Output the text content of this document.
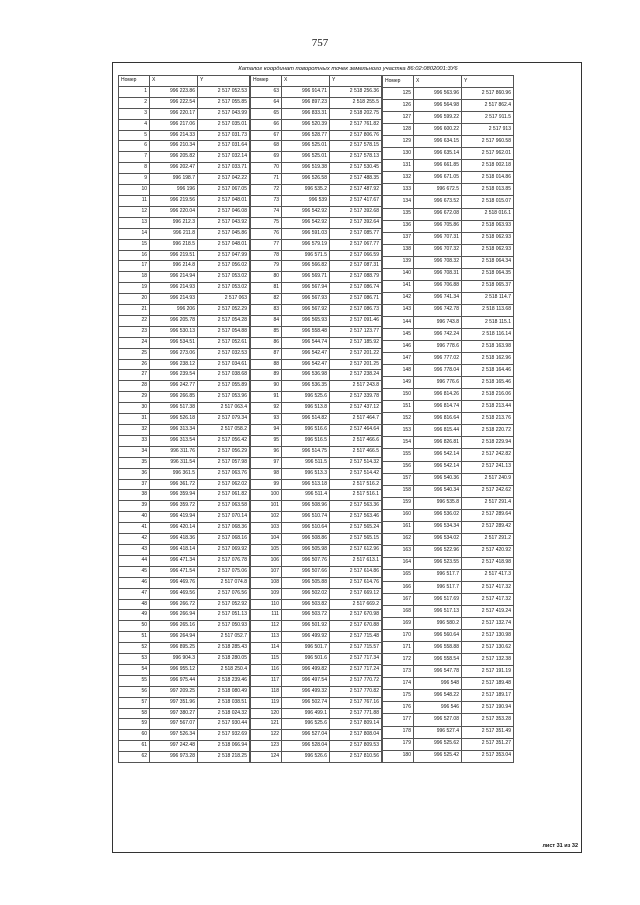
757
Каталог координат поворотных точек земельного участка 86:02:0802001:3У6
Номер	X	Y
1	996 223.86	2 517 052.53
2	996 222.54	2 517 055.85
3	996 220.17	2 517 043.99
4	996 217.06	2 517 035.01
5	996 214.33	2 517 031.73
6	996 210.34	2 517 031.64
7	996 205.82	2 517 032.14
8	996 202.47	2 517 033.71
9	996 198.7	2 517 042.22
10	996 196	2 517 067.05
11	996 219.56	2 517 048.01
12	996 220.04	2 517 046.08
13	996 212.3	2 517 043.92
14	996 211.8	2 517 045.86
15	996 218.5	2 517 048.01
16	996 219.51	2 517 047.99
17	996 214.8	2 517 056.02
18	996 214.94	2 517 053.02
19	996 214.93	2 517 053.02
20	996 214.93	2 517 063
21	996 206	2 517 052.29
22	996 205.78	2 517 054.28
23	996 530.13	2 517 054.88
24	996 534.51	2 517 052.61
25	996 273.06	2 517 032.53
26	996 238.12	2 517 034.61
27	996 239.54	2 517 038.68
28	996 242.77	2 517 055.89
29	996 266.85	2 517 053.96
30	996 517.38	2 517 063.4
31	996 526.18	2 517 079.34
32	996 313.34	2 517 058.2
33	996 313.54	2 517 056.42
34	996 311.76	2 517 056.29
35	996 311.54	2 517 057.98
36	996 361.5	2 517 063.76
37	996 361.72	2 517 062.02
38	996 359.94	2 517 061.82
39	996 359.72	2 517 063.58
40	996 419.94	2 517 070.14
41	996 420.14	2 517 068.36
42	996 418.36	2 517 068.16
43	996 418.14	2 517 069.92
44	996 471.34	2 517 076.78
45	996 471.54	2 517 075.06
46	996 469.76	2 517 074.8
47	996 469.56	2 517 076.56
48	996 266.72	2 517 052.92
49	996 266.94	2 517 051.13
50	996 265.16	2 517 050.93
51	996 264.94	2 517 052.7
52	996 895.25	2 518 285.43
53	996 904.3	2 518 280.05
54	996 955.12	2 518 250.4
55	996 975.44	2 518 239.46
56	997 209.25	2 518 080.49
57	997 351.96	2 518 038.51
58	997 380.27	2 518 024.32
59	997 567.07	2 517 930.44
60	997 526.34	2 517 932.69
61	997 242.48	2 518 066.94
62	996 973.28	2 518 218.25
Номер	X	Y
63	996 914.71	2 518 256.36
64	996 897.23	2 518 255.5
65	996 833.31	2 518 202.75
66	996 520.39	2 517 761.82
67	996 528.77	2 517 806.76
68	996 525.01	2 517 578.15
69	996 525.01	2 517 578.13
70	996 519.38	2 517 530.45
71	996 526.58	2 517 488.35
72	996 535.2	2 517 487.92
73	996 539	2 517 417.67
74	996 542.92	2 517 392.68
75	996 542.92	2 517 392.64
76	996 591.03	2 517 085.77
77	996 579.19	2 517 067.77
78	996 571.5	2 517 066.59
79	996 566.82	2 517 087.31
80	996 569.71	2 517 088.79
81	996 567.94	2 517 086.74
82	996 567.93	2 517 086.71
83	996 567.92	2 517 086.73
84	996 565.93	2 517 091.46
85	996 558.48	2 517 123.77
86	996 544.74	2 517 185.92
87	996 542.47	2 517 201.22
88	996 542.47	2 517 201.25
89	996 536.98	2 517 238.24
90	996 536.35	2 517 243.8
91	996 525.6	2 517 339.78
92	996 513.8	2 517 437.12
93	996 514.82	2 517 464.7
94	996 516.6	2 517 464.64
95	996 516.5	2 517 466.6
96	996 514.75	2 517 466.5
97	996 511.5	2 517 514.32
98	996 513.3	2 517 514.42
99	996 513.18	2 517 516.2
100	996 511.4	2 517 516.1
101	996 508.96	2 517 563.36
102	996 510.74	2 517 563.46
103	996 510.64	2 517 565.24
104	996 508.86	2 517 565.15
105	996 505.98	2 517 612.96
106	996 507.76	2 517 613.1
107	996 507.66	2 517 614.86
108	996 505.88	2 517 614.76
109	996 502.02	2 517 669.12
110	996 503.82	2 517 669.2
111	996 503.72	2 517 670.98
112	996 501.92	2 517 670.88
113	996 499.92	2 517 715.48
114	996 501.7	2 517 715.57
115	996 501.6	2 517 717.34
116	996 499.82	2 517 717.24
117	996 497.54	2 517 770.72
118	996 499.32	2 517 770.82
119	996 502.74	2 517 767.16
120	996 499.1	2 517 771.88
121	996 525.6	2 517 809.14
122	996 527.04	2 517 808.04
123	996 528.04	2 517 809.53
124	996 526.6	2 517 810.56
Номер	X	Y
125	996 563.96	2 517 860.96
126	996 564.98	2 517 862.4
127	996 599.22	2 517 911.5
128	996 600.22	2 517 913
129	996 634.15	2 517 960.58
130	996 635.14	2 517 962.01
131	996 661.85	2 518 002.18
132	996 671.05	2 518 014.86
133	996 672.5	2 518 013.85
134	996 673.52	2 518 015.07
135	996 672.08	2 518 016.1
136	996 705.86	2 518 063.93
137	996 707.31	2 518 062.93
138	996 707.32	2 518 062.93
139	996 708.32	2 518 064.34
140	996 708.31	2 518 064.35
141	996 706.88	2 518 065.37
142	996 741.34	2 518 114.7
143	996 742.78	2 518 113.68
144	996 743.8	2 518 115.1
145	996 742.24	2 518 116.14
146	996 778.6	2 518 163.98
147	996 777.02	2 518 162.96
148	996 778.04	2 518 164.46
149	996 776.6	2 518 165.46
150	996 814.26	2 518 216.06
151	996 814.74	2 518 213.44
152	996 816.64	2 518 213.76
153	996 815.44	2 518 220.72
154	996 826.81	2 518 229.94
155	996 542.14	2 517 242.82
156	996 542.14	2 517 241.13
157	996 540.36	2 517 240.9
158	996 540.34	2 517 242.62
159	996 535.8	2 517 291.4
160	996 536.02	2 517 289.64
161	996 534.34	2 517 289.42
162	996 534.02	2 517 291.2
163	996 522.96	2 517 420.92
164	996 523.55	2 517 418.98
165	996 517.7	2 517 417.3
166	996 517.7	2 517 417.32
167	996 517.69	2 517 417.32
168	996 517.13	2 517 419.24
169	996 580.2	2 517 132.74
170	996 560.64	2 517 130.98
171	996 558.88	2 517 130.62
172	996 558.54	2 517 132.38
173	996 547.78	2 517 191.19
174	996 548	2 517 189.48
175	996 548.22	2 517 189.17
176	996 546	2 517 190.94
177	996 527.08	2 517 353.28
178	996 527.4	2 517 351.49
179	996 525.62	2 517 351.27
180	996 525.42	2 517 353.04
лист 31 из 32
